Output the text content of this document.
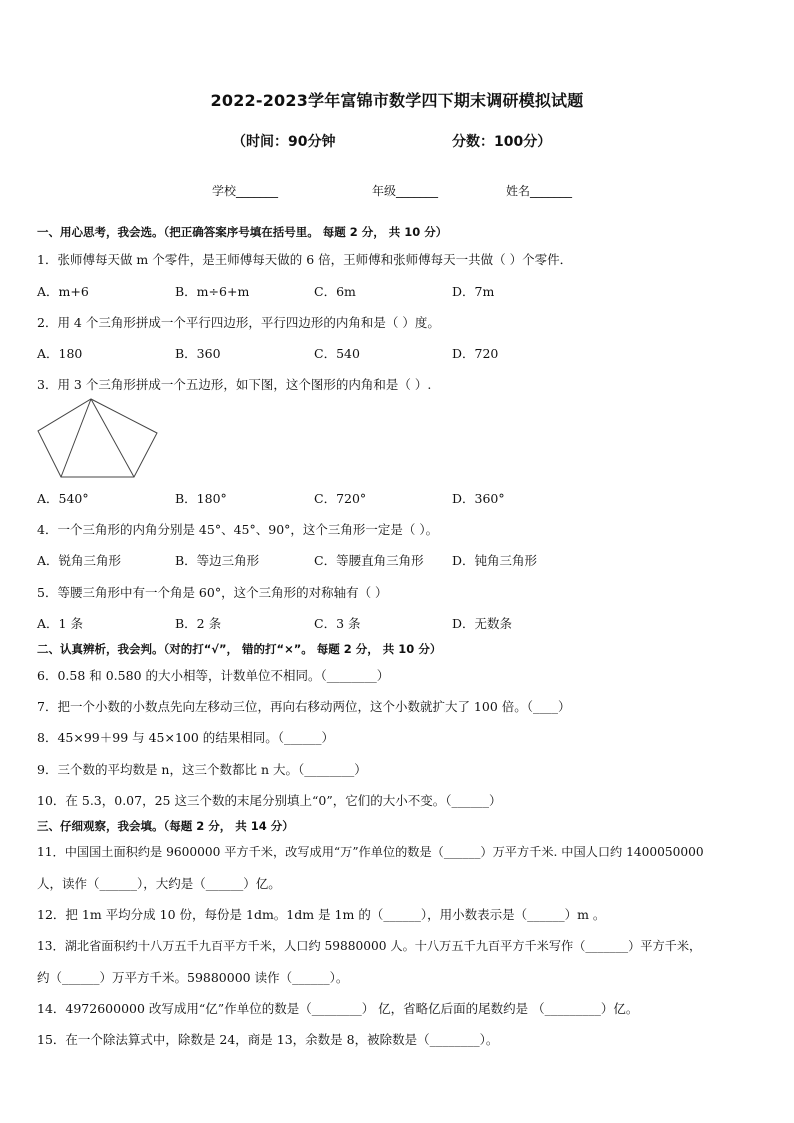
2022-2023学年富锦市数学四下期末调研模拟试题
（时间：90分钟	分数：100分）
学校_______	年级_______	姓名_______
一、用心思考，我会选。（把正确答案序号填在括号里。 每题 2 分， 共 10 分）
1．张师傅每天做 m 个零件，是王师傅每天做的 6 倍，王师傅和张师傅每天一共做（ ）个零件．
A．m+6	B．m÷6+m	C．6m	D．7m
2．用 4 个三角形拼成一个平行四边形，平行四边形的内角和是（ ）度。
A．180	B．360	C．540	D．720
3．用 3 个三角形拼成一个五边形，如下图，这个图形的内角和是（ ）.
A．540°	B．180°	C．720°	D．360°
4．一个三角形的内角分别是 45°、45°、90°，这个三角形一定是（ ）。
A．锐角三角形	B．等边三角形	C．等腰直角三角形 D．钝角三角形
5．等腰三角形中有一个角是 60°，这个三角形的对称轴有（ ）
A．1 条	B．2 条	C．3 条	D．无数条
二、认真辨析，我会判。（对的打“√”， 错的打“×”。 每题 2 分， 共 10 分）
6．0.58 和 0.580 的大小相等，计数单位不相同。（________）
7．把一个小数的小数点先向左移动三位，再向右移动两位，这个小数就扩大了 100 倍。（____）
8．45×99＋99 与 45×100 的结果相同。（______）
9．三个数的平均数是 n，这三个数都比 n 大。（________）
10．在 5.3，0.07，25 这三个数的末尾分别填上“0”，它们的大小不变。（______）
三、仔细观察，我会填。（每题 2 分， 共 14 分）
11．中国国土面积约是 9600000 平方千米，改写成用“万”作单位的数是（______）万平方千米. 中国人口约 1400050000
人，读作（______），大约是（______）亿。
12．把 1m 平均分成 10 份，每份是 1dm。1dm 是 1m 的（______），用小数表示是（______）m 。
13．湖北省面积约十八万五千九百平方千米，人口约 59880000 人。十八万五千九百平方千米写作（_______）平方千米，
约（______）万平方千米。59880000 读作（______）。
14．4972600000 改写成用“亿”作单位的数是（________） 亿，省略亿后面的尾数约是 （_________）亿。
15．在一个除法算式中，除数是 24，商是 13，余数是 8，被除数是（________）。
